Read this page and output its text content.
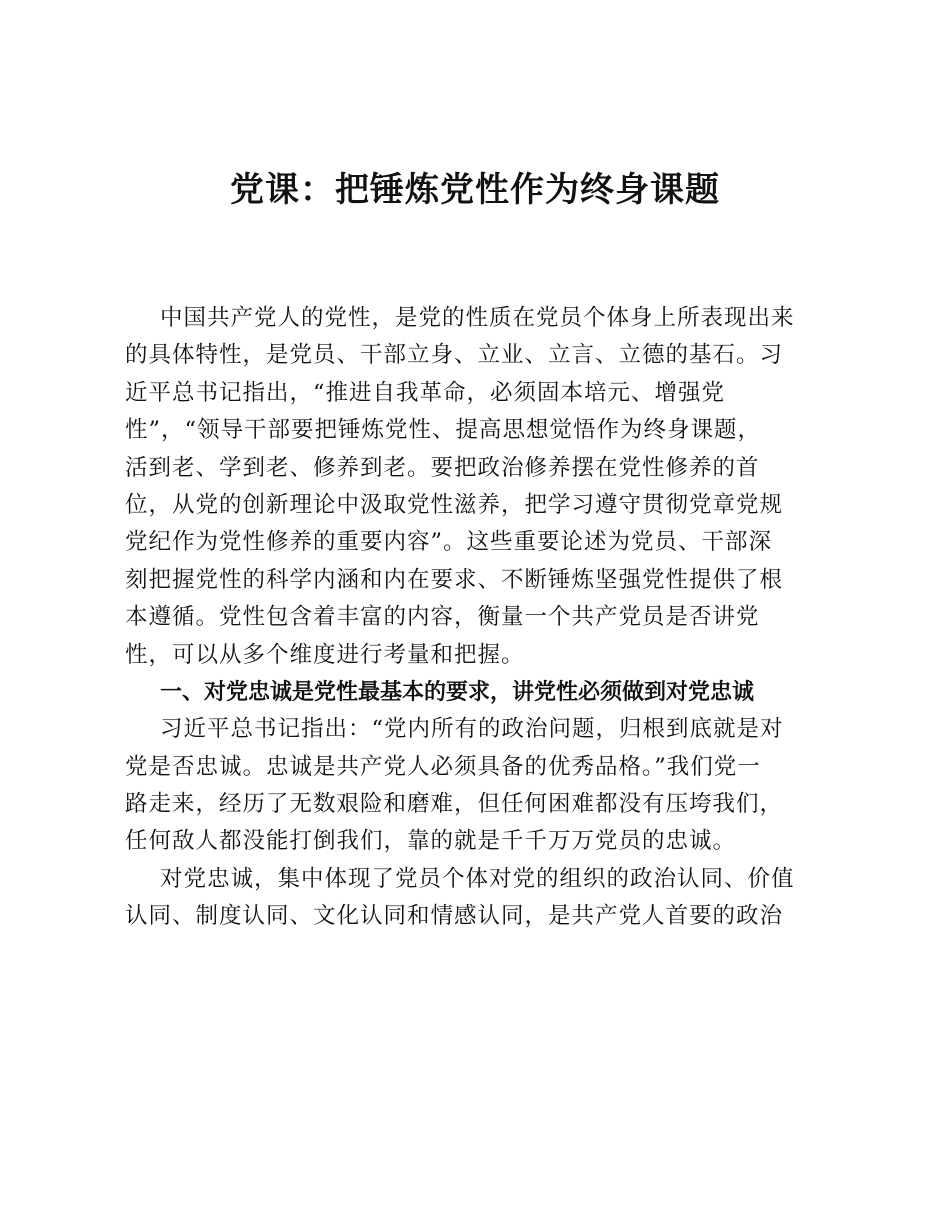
党课：把锤炼党性作为终身课题
中国共产党人的党性，是党的性质在党员个体身上所表现出来
的具体特性，是党员、干部立身、立业、立言、立德的基石。习
近平总书记指出，“推进自我革命，必须固本培元、增强党
性”，“领导干部要把锤炼党性、提高思想觉悟作为终身课题，
活到老、学到老、修养到老。要把政治修养摆在党性修养的首
位，从党的创新理论中汲取党性滋养，把学习遵守贯彻党章党规
党纪作为党性修养的重要内容”。这些重要论述为党员、干部深
刻把握党性的科学内涵和内在要求、不断锤炼坚强党性提供了根
本遵循。党性包含着丰富的内容，衡量一个共产党员是否讲党
性，可以从多个维度进行考量和把握。
一、对党忠诚是党性最基本的要求，讲党性必须做到对党忠诚
习近平总书记指出：“党内所有的政治问题，归根到底就是对
党是否忠诚。忠诚是共产党人必须具备的优秀品格。”我们党一
路走来，经历了无数艰险和磨难，但任何困难都没有压垮我们，
任何敌人都没能打倒我们，靠的就是千千万万党员的忠诚。
对党忠诚，集中体现了党员个体对党的组织的政治认同、价值
认同、制度认同、文化认同和情感认同，是共产党人首要的政治
